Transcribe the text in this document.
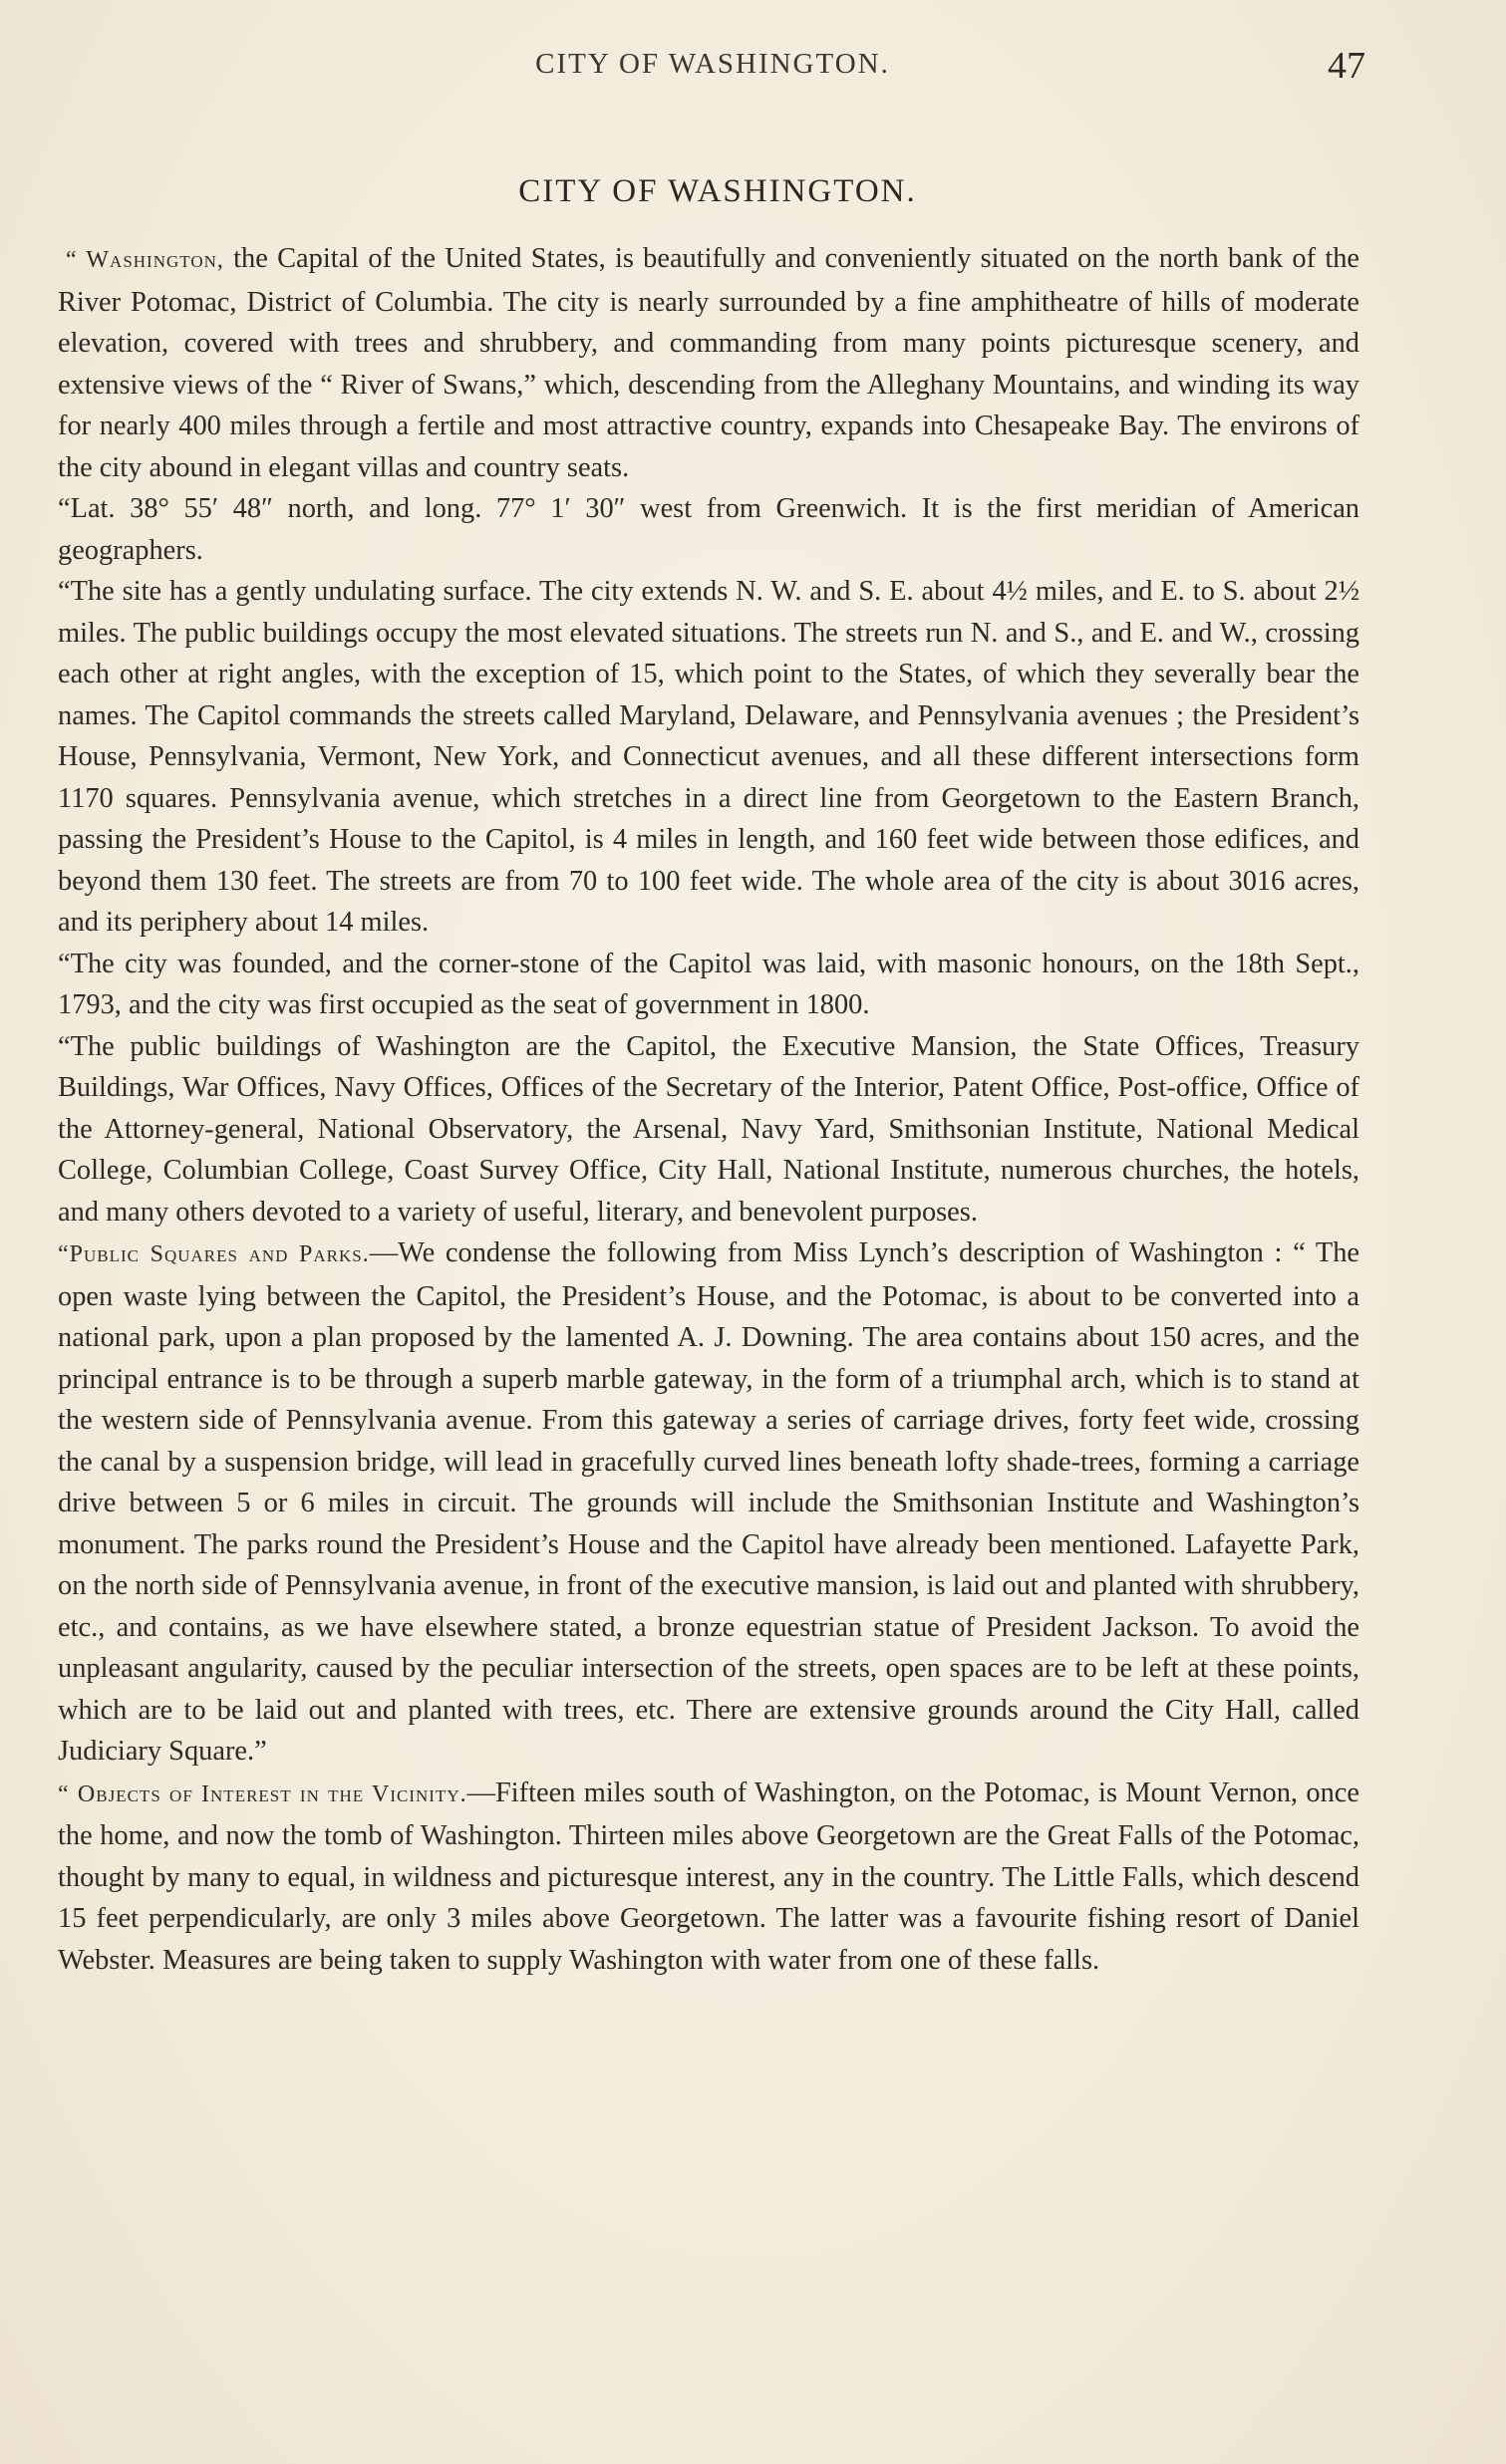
CITY OF WASHINGTON.	47
CITY OF WASHINGTON.

“ Washington, the Capital of the United States, is beautifully and conveniently situated on the north bank of the River Potomac, District of Columbia. The city is nearly surrounded by a fine amphitheatre of hills of moderate elevation, covered with trees and shrubbery, and commanding from many points picturesque scenery, and extensive views of the “ River of Swans,” which, descending from the Alleghany Mountains, and winding its way for nearly 400 miles through a fertile and most attractive country, expands into Chesapeake Bay. The environs of the city abound in elegant villas and country seats.

“Lat. 38° 55′ 48″ north, and long. 77° 1′ 30″ west from Greenwich. It is the first meridian of American geographers.

“The site has a gently undulating surface. The city extends N. W. and S. E. about 4½ miles, and E. to S. about 2½ miles. The public buildings occupy the most elevated situations. The streets run N. and S., and E. and W., crossing each other at right angles, with the exception of 15, which point to the States, of which they severally bear the names. The Capitol commands the streets called Maryland, Delaware, and Pennsylvania avenues ; the President’s House, Pennsylvania, Vermont, New York, and Connecticut avenues, and all these different intersections form 1170 squares. Pennsylvania avenue, which stretches in a direct line from Georgetown to the Eastern Branch, passing the President’s House to the Capitol, is 4 miles in length, and 160 feet wide between those edifices, and beyond them 130 feet. The streets are from 70 to 100 feet wide. The whole area of the city is about 3016 acres, and its periphery about 14 miles.

“The city was founded, and the corner-stone of the Capitol was laid, with masonic honours, on the 18th Sept., 1793, and the city was first occupied as the seat of government in 1800.

“The public buildings of Washington are the Capitol, the Executive Mansion, the State Offices, Treasury Buildings, War Offices, Navy Offices, Offices of the Secretary of the Interior, Patent Office, Post-office, Office of the Attorney-general, National Observatory, the Arsenal, Navy Yard, Smithsonian Institute, National Medical College, Columbian College, Coast Survey Office, City Hall, National Institute, numerous churches, the hotels, and many others devoted to a variety of useful, literary, and benevolent purposes.

“Public Squares and Parks.—We condense the following from Miss Lynch’s description of Washington : “ The open waste lying between the Capitol, the President’s House, and the Potomac, is about to be converted into a national park, upon a plan proposed by the lamented A. J. Downing. The area contains about 150 acres, and the principal entrance is to be through a superb marble gateway, in the form of a triumphal arch, which is to stand at the western side of Pennsylvania avenue. From this gateway a series of carriage drives, forty feet wide, crossing the canal by a suspension bridge, will lead in gracefully curved lines beneath lofty shade-trees, forming a carriage drive between 5 or 6 miles in circuit. The grounds will include the Smithsonian Institute and Washington’s monument. The parks round the President’s House and the Capitol have already been mentioned. Lafayette Park, on the north side of Pennsylvania avenue, in front of the executive mansion, is laid out and planted with shrubbery, etc., and contains, as we have elsewhere stated, a bronze equestrian statue of President Jackson. To avoid the unpleasant angularity, caused by the peculiar intersection of the streets, open spaces are to be left at these points, which are to be laid out and planted with trees, etc. There are extensive grounds around the City Hall, called Judiciary Square.”

“ Objects of Interest in the Vicinity.—Fifteen miles south of Washington, on the Potomac, is Mount Vernon, once the home, and now the tomb of Washington. Thirteen miles above Georgetown are the Great Falls of the Potomac, thought by many to equal, in wildness and picturesque interest, any in the country. The Little Falls, which descend 15 feet perpendicularly, are only 3 miles above Georgetown. The latter was a favourite fishing resort of Daniel Webster. Measures are being taken to supply Washington with water from one of these falls.
